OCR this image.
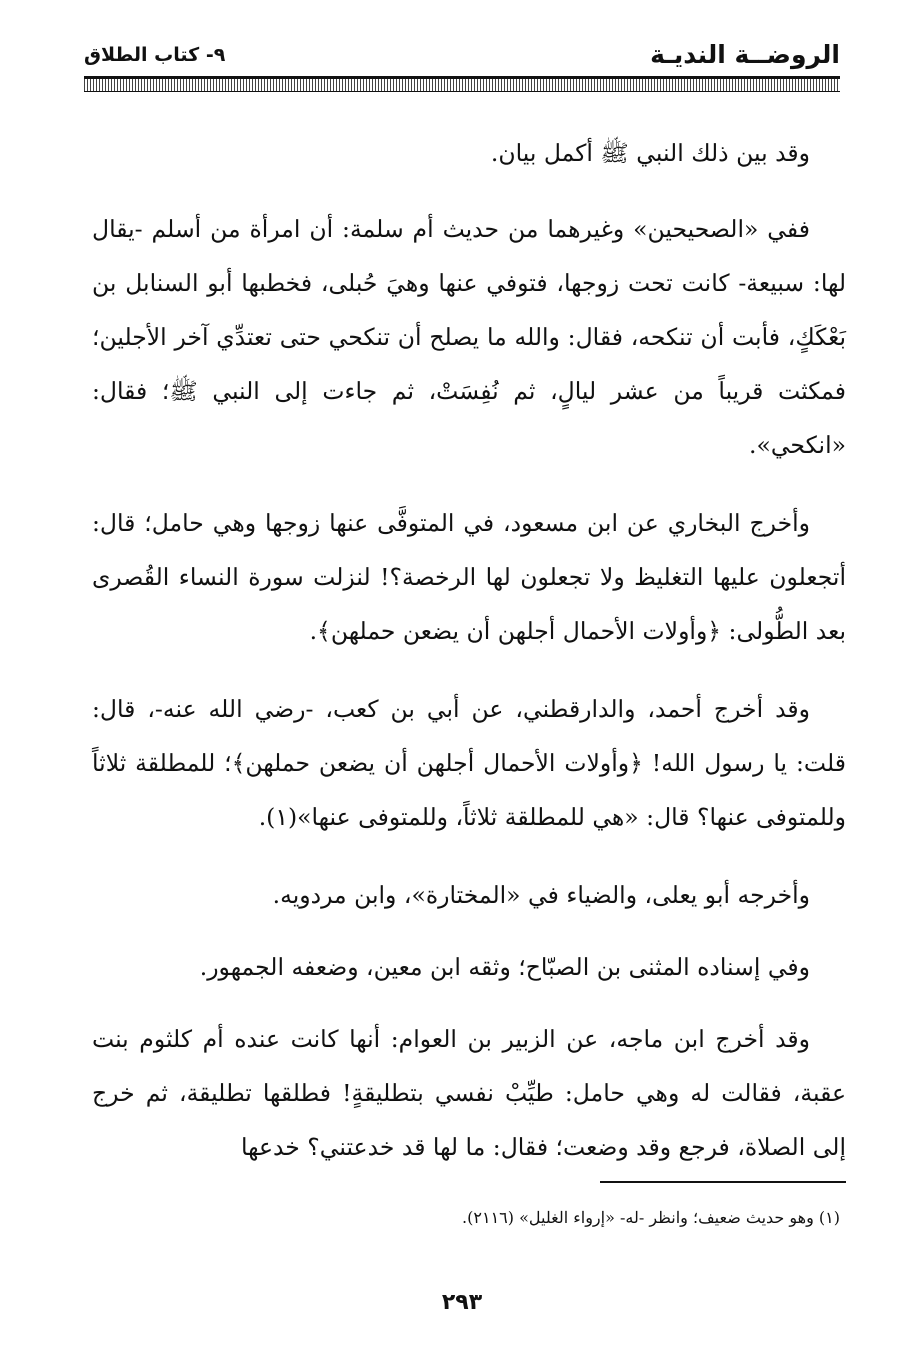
الروضــة النديـة
٩- كتاب الطلاق

وقد بين ذلك النبي ﷺ أكمل بيان.

ففي «الصحيحين» وغيرهما من حديث أم سلمة: أن امرأة من أسلم -يقال لها: سبيعة- كانت تحت زوجها، فتوفي عنها وهيَ حُبلى، فخطبها أبو السنابل بن بَعْكَكٍ، فأبت أن تنكحه، فقال: والله ما يصلح أن تنكحي حتى تعتدِّي آخر الأجلين؛ فمكثت قريباً من عشر ليالٍ، ثم نُفِسَتْ، ثم جاءت إلى النبي ﷺ؛ فقال: «انكحي».

وأخرج البخاري عن ابن مسعود، في المتوفَّى عنها زوجها وهي حامل؛ قال: أتجعلون عليها التغليظ ولا تجعلون لها الرخصة؟! لنزلت سورة النساء القُصرى بعد الطُّولى: ﴿وأولات الأحمال أجلهن أن يضعن حملهن﴾.

وقد أخرج أحمد، والدارقطني، عن أبي بن كعب، -رضي الله عنه-، قال: قلت: يا رسول الله! ﴿وأولات الأحمال أجلهن أن يضعن حملهن﴾؛ للمطلقة ثلاثاً وللمتوفى عنها؟ قال: «هي للمطلقة ثلاثاً، وللمتوفى عنها»(١).

وأخرجه أبو يعلى، والضياء في «المختارة»، وابن مردويه.

وفي إسناده المثنى بن الصبّاح؛ وثقه ابن معين، وضعفه الجمهور.

وقد أخرج ابن ماجه، عن الزبير بن العوام: أنها كانت عنده أم كلثوم بنت عقبة، فقالت له وهي حامل: طيِّبْ نفسي بتطليقةٍ! فطلقها تطليقة، ثم خرج إلى الصلاة، فرجع وقد وضعت؛ فقال: ما لها قد خدعتني؟ خدعها

(١) وهو حديث ضعيف؛ وانظر -له- «إرواء الغليل» (٢١١٦).
٢٩٣
